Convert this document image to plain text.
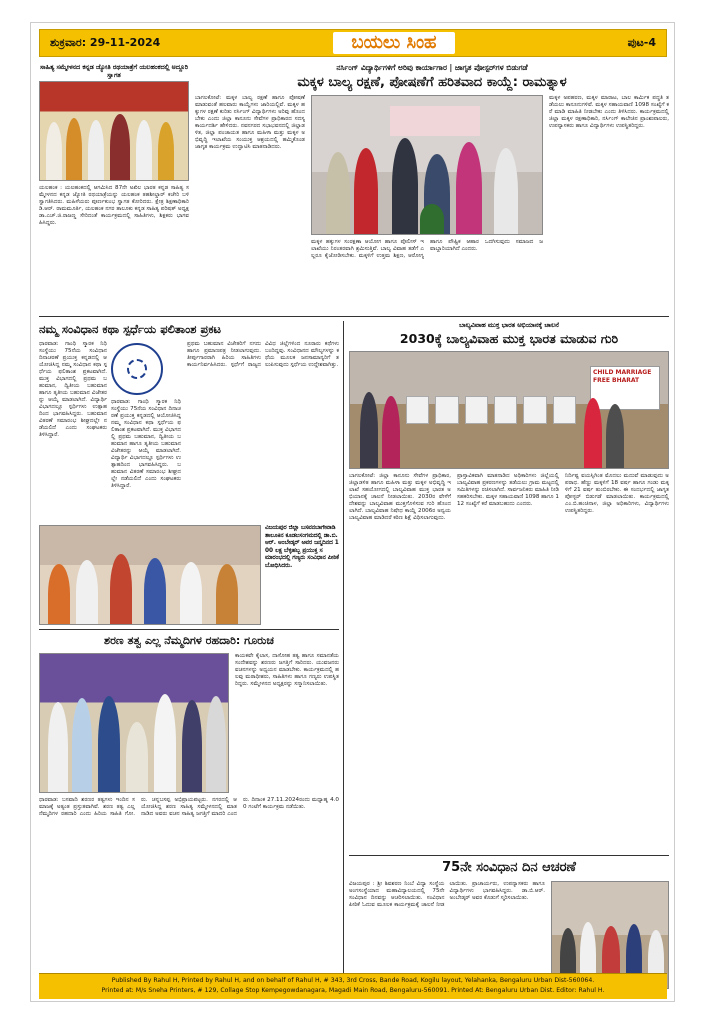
ಶುಕ್ರವಾರ: 29-11-2024	ಬಯಲು ಸಿಂಹ	ಪುಟ-4
ಸಾಹಿತ್ಯ ಸಮ್ಮೇಳನದ ಕನ್ನಡ ಜ್ಯೋತಿ ರಥಯಾತ್ರೆಗೆ ಯಲಹಂಕದಲ್ಲಿ ಅದ್ದೂರಿ ಸ್ವಾಗತ
ಯಲಹಂಕ : ಯಲಹಂಕದಲ್ಲಿ ಆಗಮಿಸಿದ 87ನೇ ಅಖಿಲ ಭಾರತ ಕನ್ನಡ ಸಾಹಿತ್ಯ ಸಮ್ಮೇಳನದ ಕನ್ನಡ ಜ್ಯೋತಿ ರಥಯಾತ್ರೆಯನ್ನು ಯಲಹಂಕ ತಹಶೀಲ್ದಾರ್ ಕಚೇರಿ ಬಳಿ ಸ್ವಾಗತಿಸಿದರು. ಮಹಿಳೆಯರು ಪೂರ್ಣಕುಂಭ ಸ್ವಾಗತ ಕೋರಿದರು. ಕ್ಷೇತ್ರ ಶಿಕ್ಷಣಾಧಿಕಾರಿ ಡಿ.ಆರ್. ರಾಮಮೂರ್ತಿ, ಯಲಹಂಕ ನಗರ ತಾಲೂಕು ಕನ್ನಡ ಸಾಹಿತ್ಯ ಪರಿಷತ್ ಅಧ್ಯಕ್ಷ ಡಾ.ಎಚ್.ಜಿ.ರಾಜಣ್ಣ ಸೇರಿದಂತೆ ಕಾರ್ಯಕ್ರಮದಲ್ಲಿ ಸಾಹಿತಿಗಳು, ಶಿಕ್ಷಕರು ಭಾಗವಹಿಸಿದ್ದರು.
ನರ್ಸಿಂಗ್ ವಿದ್ಯಾರ್ಥಿಗಳಿಗೆ ಅರಿವು ಕಾರ್ಯಾಗಾರ | ಜಾಗೃತ ಪೋಸ್ಟರ್‌ಗಳ ಬಿಡುಗಡೆ
ಮಕ್ಕಳ ಬಾಲ್ಯ ರಕ್ಷಣೆ, ಪೋಷಣೆಗೆ ಹರಿತವಾದ ಕಾಯ್ದೆ: ರಾಮತ್ನಾಳ
ಬಾಗಲಕೋಟೆ: ಮಕ್ಕಳ ಬಾಲ್ಯ ರಕ್ಷಣೆ ಹಾಗೂ ಪೋಷಣೆ ಮಾಡುವಂತೆ ಹಲವಾರು ಕಾಯ್ದೆಗಳು ಜಾರಿಯಲ್ಲಿವೆ. ಮಕ್ಕಳ ಹಕ್ಕುಗಳ ರಕ್ಷಣೆ ಕುರಿತು ನರ್ಸಿಂಗ್ ವಿದ್ಯಾರ್ಥಿಗಳು ಅರಿವು ಹೊಂದಬೇಕು ಎಂದು ಜಿಲ್ಲಾ ಕಾನೂನು ಸೇವೆಗಳ ಪ್ರಾಧಿಕಾರದ ಸದಸ್ಯ ಕಾರ್ಯದರ್ಶಿ ಹೇಳಿದರು. ನವನಗರದ ಸಭಾಭವನದಲ್ಲಿ ಜಿಲ್ಲಾಡಳಿತ, ಜಿಲ್ಲಾ ಪಂಚಾಯತ ಹಾಗೂ ಮಹಿಳಾ ಮತ್ತು ಮಕ್ಕಳ ಅಭಿವೃದ್ಧಿ ಇಲಾಖೆಯ ಸಂಯುಕ್ತ ಆಶ್ರಯದಲ್ಲಿ ಹಮ್ಮಿಕೊಂಡ ಜಾಗೃತ ಕಾರ್ಯಕ್ರಮ ಉದ್ಘಾಟಿಸಿ ಮಾತನಾಡಿದರು.
ಮಕ್ಕಳ ಹಕ್ಕುಗಳ ಸಂರಕ್ಷಣಾ ಆಯೋಗ ಹಾಗೂ ಪೊಲೀಸ್ ಇಲಾಖೆಯು ನಿರಂತರವಾಗಿ ಶ್ರಮಿಸುತ್ತಿವೆ. ಬಾಲ್ಯ ವಿವಾಹ ತಡೆಗೆ ಎಲ್ಲರೂ ಕೈಜೋಡಿಸಬೇಕು. ಮಕ್ಕಳಿಗೆ ಉತ್ತಮ ಶಿಕ್ಷಣ, ಆರೋಗ್ಯ ಹಾಗೂ ಪೌಷ್ಟಿಕ ಆಹಾರ ಒದಗಿಸುವುದು ಸಮಾಜದ ಜವಾಬ್ದಾರಿಯಾಗಿದೆ ಎಂದರು.
ಮಕ್ಕಳ ಅಪಹರಣ, ಮಕ್ಕಳ ಮಾರಾಟ, ಬಾಲ ಕಾರ್ಮಿಕ ಪದ್ಧತಿ ತಡೆಯಲು ಕಾನೂನುಗಳಿವೆ. ಮಕ್ಕಳ ಸಹಾಯವಾಣಿ 1098 ಸಂಖ್ಯೆಗೆ ಕರೆ ಮಾಡಿ ಮಾಹಿತಿ ನೀಡಬೇಕು ಎಂದು ತಿಳಿಸಿದರು. ಕಾರ್ಯಕ್ರಮದಲ್ಲಿ ಜಿಲ್ಲಾ ಮಕ್ಕಳ ರಕ್ಷಣಾಧಿಕಾರಿ, ನರ್ಸಿಂಗ್ ಕಾಲೇಜಿನ ಪ್ರಾಂಶುಪಾಲರು, ಉಪನ್ಯಾಸಕರು ಹಾಗೂ ವಿದ್ಯಾರ್ಥಿಗಳು ಉಪಸ್ಥಿತರಿದ್ದರು.
ನಮ್ಮ ಸಂವಿಧಾನ ಕಥಾ ಸ್ಪರ್ಧೆಯ ಫಲಿತಾಂಶ ಪ್ರಕಟ
ಧಾರವಾಡ: ಗಾಂಧಿ ಸ್ಮಾರಕ ನಿಧಿ ಸಂಸ್ಥೆಯು 75ನೆಯ ಸಂವಿಧಾನ ದಿನಾಚರಣೆ ಪ್ರಯುಕ್ತ ಕನ್ನಡದಲ್ಲಿ ಆಯೋಜಿಸಿದ್ದ ನಮ್ಮ ಸಂವಿಧಾನ ಕಥಾ ಸ್ಪರ್ಧೆಯ ಫಲಿತಾಂಶ ಪ್ರಕಟವಾಗಿದೆ. ಮುಕ್ತ ವಿಭಾಗದಲ್ಲಿ ಪ್ರಥಮ ಬಹುಮಾನ, ದ್ವಿತೀಯ ಬಹುಮಾನ ಹಾಗೂ ತೃತೀಯ ಬಹುಮಾನ ವಿಜೇತರನ್ನು ಆಯ್ಕೆ ಮಾಡಲಾಗಿದೆ. ವಿದ್ಯಾರ್ಥಿ ವಿಭಾಗದಲ್ಲೂ ಸ್ಪರ್ಧಿಗಳು ಉತ್ಸಾಹದಿಂದ ಭಾಗವಹಿಸಿದ್ದರು. ಬಹುಮಾನ ವಿತರಣೆ ಸಮಾರಂಭ ಶೀಘ್ರದಲ್ಲೇ ನಡೆಯಲಿದೆ ಎಂದು ಸಂಘಟಕರು ತಿಳಿಸಿದ್ದಾರೆ.
ಧಾರವಾಡ: ಗಾಂಧಿ ಸ್ಮಾರಕ ನಿಧಿ ಸಂಸ್ಥೆಯು 75ನೆಯ ಸಂವಿಧಾನ ದಿನಾಚರಣೆ ಪ್ರಯುಕ್ತ ಕನ್ನಡದಲ್ಲಿ ಆಯೋಜಿಸಿದ್ದ ನಮ್ಮ ಸಂವಿಧಾನ ಕಥಾ ಸ್ಪರ್ಧೆಯ ಫಲಿತಾಂಶ ಪ್ರಕಟವಾಗಿದೆ. ಮುಕ್ತ ವಿಭಾಗದಲ್ಲಿ ಪ್ರಥಮ ಬಹುಮಾನ, ದ್ವಿತೀಯ ಬಹುಮಾನ ಹಾಗೂ ತೃತೀಯ ಬಹುಮಾನ ವಿಜೇತರನ್ನು ಆಯ್ಕೆ ಮಾಡಲಾಗಿದೆ. ವಿದ್ಯಾರ್ಥಿ ವಿಭಾಗದಲ್ಲೂ ಸ್ಪರ್ಧಿಗಳು ಉತ್ಸಾಹದಿಂದ ಭಾಗವಹಿಸಿದ್ದರು. ಬಹುಮಾನ ವಿತರಣೆ ಸಮಾರಂಭ ಶೀಘ್ರದಲ್ಲೇ ನಡೆಯಲಿದೆ ಎಂದು ಸಂಘಟಕರು ತಿಳಿಸಿದ್ದಾರೆ.
ಪ್ರಥಮ ಬಹುಮಾನ ವಿಜೇತರಿಗೆ ನಗದು ಹಾಗೂ ಪ್ರಮಾಣಪತ್ರ ನೀಡಲಾಗುವುದು. ತೀರ್ಪುಗಾರರಾಗಿ ಹಿರಿಯ ಸಾಹಿತಿಗಳು ಕಾರ್ಯನಿರ್ವಹಿಸಿದರು. ಸ್ಪರ್ಧೆಗೆ ರಾಜ್ಯದ ವಿವಿಧ ಜಿಲ್ಲೆಗಳಿಂದ ನೂರಾರು ಕಥೆಗಳು ಬಂದಿದ್ದವು. ಸಂವಿಧಾನದ ಮೌಲ್ಯಗಳನ್ನು ಕಥೆಯ ಮೂಲಕ ಜನಸಾಮಾನ್ಯರಿಗೆ ತಲುಪಿಸುವುದು ಸ್ಪರ್ಧೆಯ ಉದ್ದೇಶವಾಗಿತ್ತು.
ವಿಜಯಪುರ ಜಿಲ್ಲಾ ಬಸವನಬಾಗೇವಾಡಿ ತಾಲೂಕಿನ ಕೂಡಲಸಂಗಮದಲ್ಲಿ ಡಾ.ಬಿ.ಆರ್. ಅಂಬೇಡ್ಕರ್ ಅವರ ಜನ್ಮದಿನದ 100 ಲಕ್ಷ ಬೆಳ್ಳಿಹಬ್ಬ ಪ್ರಯುಕ್ತ ಸಮಾರಂಭದಲ್ಲಿ ಗಣ್ಯರು ಸಂವಿಧಾನ ಪೀಠಿಕೆ ಬೋಧಿಸಿದರು.
ಶರಣ ತತ್ವ ಎಲ್ಲ ನೆಮ್ಮದಿಗಳ ರಹದಾರಿ: ಗೂರುಚ
ಕಾಯಕವೇ ಕೈಲಾಸ, ದಾಸೋಹ ತತ್ವ ಹಾಗೂ ಸಮಾನತೆಯ ಸಂದೇಶವನ್ನು ಶರಣರು ಜಗತ್ತಿಗೆ ಸಾರಿದರು. ಯುವಜನರು ವಚನಗಳನ್ನು ಅಧ್ಯಯನ ಮಾಡಬೇಕು. ಕಾರ್ಯಕ್ರಮದಲ್ಲಿ ಹಲವು ಮಠಾಧೀಶರು, ಸಾಹಿತಿಗಳು ಹಾಗೂ ಗಣ್ಯರು ಉಪಸ್ಥಿತರಿದ್ದರು. ಸಮ್ಮೇಳನದ ಅಧ್ಯಕ್ಷರನ್ನು ಸನ್ಮಾನಿಸಲಾಯಿತು.
ಧಾರವಾಡ: ಬಸವಾದಿ ಶರಣರ ತತ್ವಗಳು ಇಂದಿನ ಸಮಾಜಕ್ಕೆ ಅತ್ಯಂತ ಪ್ರಸ್ತುತವಾಗಿವೆ. ಶರಣ ತತ್ವ ಎಲ್ಲ ನೆಮ್ಮದಿಗಳ ರಹದಾರಿ ಎಂದು ಹಿರಿಯ ಸಾಹಿತಿ ಗೋ.ರು. ಚನ್ನಬಸಪ್ಪ ಅಭಿಪ್ರಾಯಪಟ್ಟರು. ನಗರದಲ್ಲಿ ಆಯೋಜಿಸಿದ್ದ ಶರಣ ಸಾಹಿತ್ಯ ಸಮ್ಮೇಳನದಲ್ಲಿ ಮಾತನಾಡಿದ ಅವರು ವಚನ ಸಾಹಿತ್ಯ ಜಗತ್ತಿಗೆ ಮಾದರಿ ಎಂದರು. ದಿನಾಂಕ 27.11.2024ರಂದು ಮಧ್ಯಾಹ್ನ 4.00 ಗಂಟೆಗೆ ಕಾರ್ಯಕ್ರಮ ನಡೆಯಿತು.
ಬಾಲ್ಯವಿವಾಹ ಮುಕ್ತ ಭಾರತ ಅಭಿಯಾನಕ್ಕೆ ಚಾಲನೆ
2030ಕ್ಕೆ ಬಾಲ್ಯವಿವಾಹ ಮುಕ್ತ ಭಾರತ ಮಾಡುವ ಗುರಿ
CHILD MARRIAGE FREE BHARAT
ಬಾಗಲಕೋಟೆ: ಜಿಲ್ಲಾ ಕಾನೂನು ಸೇವೆಗಳ ಪ್ರಾಧಿಕಾರ, ಜಿಲ್ಲಾಡಳಿತ ಹಾಗೂ ಮಹಿಳಾ ಮತ್ತು ಮಕ್ಕಳ ಅಭಿವೃದ್ಧಿ ಇಲಾಖೆ ಸಹಯೋಗದಲ್ಲಿ ಬಾಲ್ಯವಿವಾಹ ಮುಕ್ತ ಭಾರತ ಅಭಿಯಾನಕ್ಕೆ ಚಾಲನೆ ನೀಡಲಾಯಿತು. 2030ರ ವೇಳೆಗೆ ದೇಶವನ್ನು ಬಾಲ್ಯವಿವಾಹ ಮುಕ್ತಗೊಳಿಸುವ ಗುರಿ ಹೊಂದಲಾಗಿದೆ. ಬಾಲ್ಯವಿವಾಹ ನಿಷೇಧ ಕಾಯ್ದೆ 2006ರ ಅನ್ವಯ ಬಾಲ್ಯವಿವಾಹ ಮಾಡಿದರೆ ಕಠಿಣ ಶಿಕ್ಷೆ ವಿಧಿಸಲಾಗುವುದು.
ಪ್ರಾಸ್ತಾವಿಕವಾಗಿ ಮಾತನಾಡಿದ ಅಧಿಕಾರಿಗಳು ಜಿಲ್ಲೆಯಲ್ಲಿ ಬಾಲ್ಯವಿವಾಹ ಪ್ರಕರಣಗಳನ್ನು ತಡೆಯಲು ಗ್ರಾಮ ಮಟ್ಟದಲ್ಲಿ ಸಮಿತಿಗಳನ್ನು ರಚಿಸಲಾಗಿದೆ. ಸಾರ್ವಜನಿಕರು ಮಾಹಿತಿ ನೀಡಿ ಸಹಕರಿಸಬೇಕು. ಮಕ್ಕಳ ಸಹಾಯವಾಣಿ 1098 ಹಾಗೂ 112 ಸಂಖ್ಯೆಗೆ ಕರೆ ಮಾಡಬಹುದು ಎಂದರು.
ನಿರ್ದಿಷ್ಟ ವಯಸ್ಸಿಗಿಂತ ಮೊದಲು ಮದುವೆ ಮಾಡುವುದು ಅಪರಾಧ. ಹೆಣ್ಣು ಮಕ್ಕಳಿಗೆ 18 ವರ್ಷ ಹಾಗೂ ಗಂಡು ಮಕ್ಕಳಿಗೆ 21 ವರ್ಷ ತುಂಬಿರಬೇಕು. ಈ ಸಂದರ್ಭದಲ್ಲಿ ಜಾಗೃತ ಪೋಸ್ಟರ್ ಬಿಡುಗಡೆ ಮಾಡಲಾಯಿತು. ಕಾರ್ಯಕ್ರಮದಲ್ಲಿ ಎಂ.ಬಿ.ಹಂಚಿನಾಳ, ಜಿಲ್ಲಾ ಅಧಿಕಾರಿಗಳು, ವಿದ್ಯಾರ್ಥಿಗಳು ಉಪಸ್ಥಿತರಿದ್ದರು.
75ನೇ ಸಂವಿಧಾನ ದಿನ ಆಚರಣೆ
ವಿಜಯಪುರ : ಶ್ರೀ ಶಿವಶರಣ ನಿಂಬೆ ವಿದ್ಯಾ ಸಂಸ್ಥೆಯ ಅಂಗಸಂಸ್ಥೆಯಾದ ಮಹಾವಿದ್ಯಾಲಯದಲ್ಲಿ 75ನೇ ಸಂವಿಧಾನ ದಿನವನ್ನು ಆಚರಿಸಲಾಯಿತು. ಸಂವಿಧಾನ ಪೀಠಿಕೆ ಓದುವ ಮೂಲಕ ಕಾರ್ಯಕ್ರಮಕ್ಕೆ ಚಾಲನೆ ನೀಡಲಾಯಿತು. ಪ್ರಾಚಾರ್ಯರು, ಉಪನ್ಯಾಸಕರು ಹಾಗೂ ವಿದ್ಯಾರ್ಥಿಗಳು ಭಾಗವಹಿಸಿದ್ದರು. ಡಾ.ಬಿ.ಆರ್.ಅಂಬೇಡ್ಕರ್ ಅವರ ಕೊಡುಗೆ ಸ್ಮರಿಸಲಾಯಿತು.
Published By Rahul H, Printed by Rahul H, and on behalf of Rahul H, # 343, 3rd Cross, Bande Road, Kogilu layout, Yelahanka, Bengaluru Urban Dist-560064.
Printed at: M/s Sneha Printers, # 129, Collage Stop Kempegowdanagara, Magadi Main Road, Bengaluru-560091. Printed At: Bengaluru Urban Dist. Editor: Rahul H.
